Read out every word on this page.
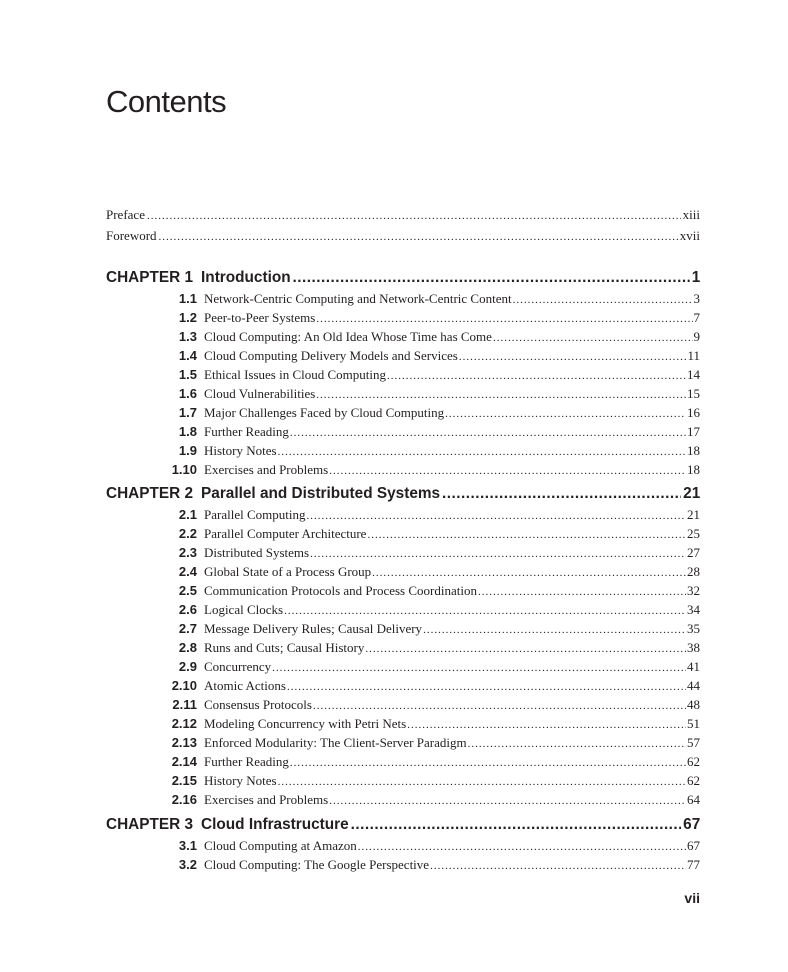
Contents
Preface .....	xiii
Foreword .....	xvii
CHAPTER 1 Introduction .....	1
1.1 Network-Centric Computing and Network-Centric Content .....	3
1.2 Peer-to-Peer Systems .....	7
1.3 Cloud Computing: An Old Idea Whose Time has Come .....	9
1.4 Cloud Computing Delivery Models and Services .....	11
1.5 Ethical Issues in Cloud Computing .....	14
1.6 Cloud Vulnerabilities .....	15
1.7 Major Challenges Faced by Cloud Computing .....	16
1.8 Further Reading .....	17
1.9 History Notes .....	18
1.10 Exercises and Problems .....	18
CHAPTER 2 Parallel and Distributed Systems .....	21
2.1 Parallel Computing .....	21
2.2 Parallel Computer Architecture .....	25
2.3 Distributed Systems .....	27
2.4 Global State of a Process Group .....	28
2.5 Communication Protocols and Process Coordination .....	32
2.6 Logical Clocks .....	34
2.7 Message Delivery Rules; Causal Delivery .....	35
2.8 Runs and Cuts; Causal History .....	38
2.9 Concurrency .....	41
2.10 Atomic Actions .....	44
2.11 Consensus Protocols .....	48
2.12 Modeling Concurrency with Petri Nets .....	51
2.13 Enforced Modularity: The Client-Server Paradigm .....	57
2.14 Further Reading .....	62
2.15 History Notes .....	62
2.16 Exercises and Problems .....	64
CHAPTER 3 Cloud Infrastructure .....	67
3.1 Cloud Computing at Amazon .....	67
3.2 Cloud Computing: The Google Perspective .....	77
vii
